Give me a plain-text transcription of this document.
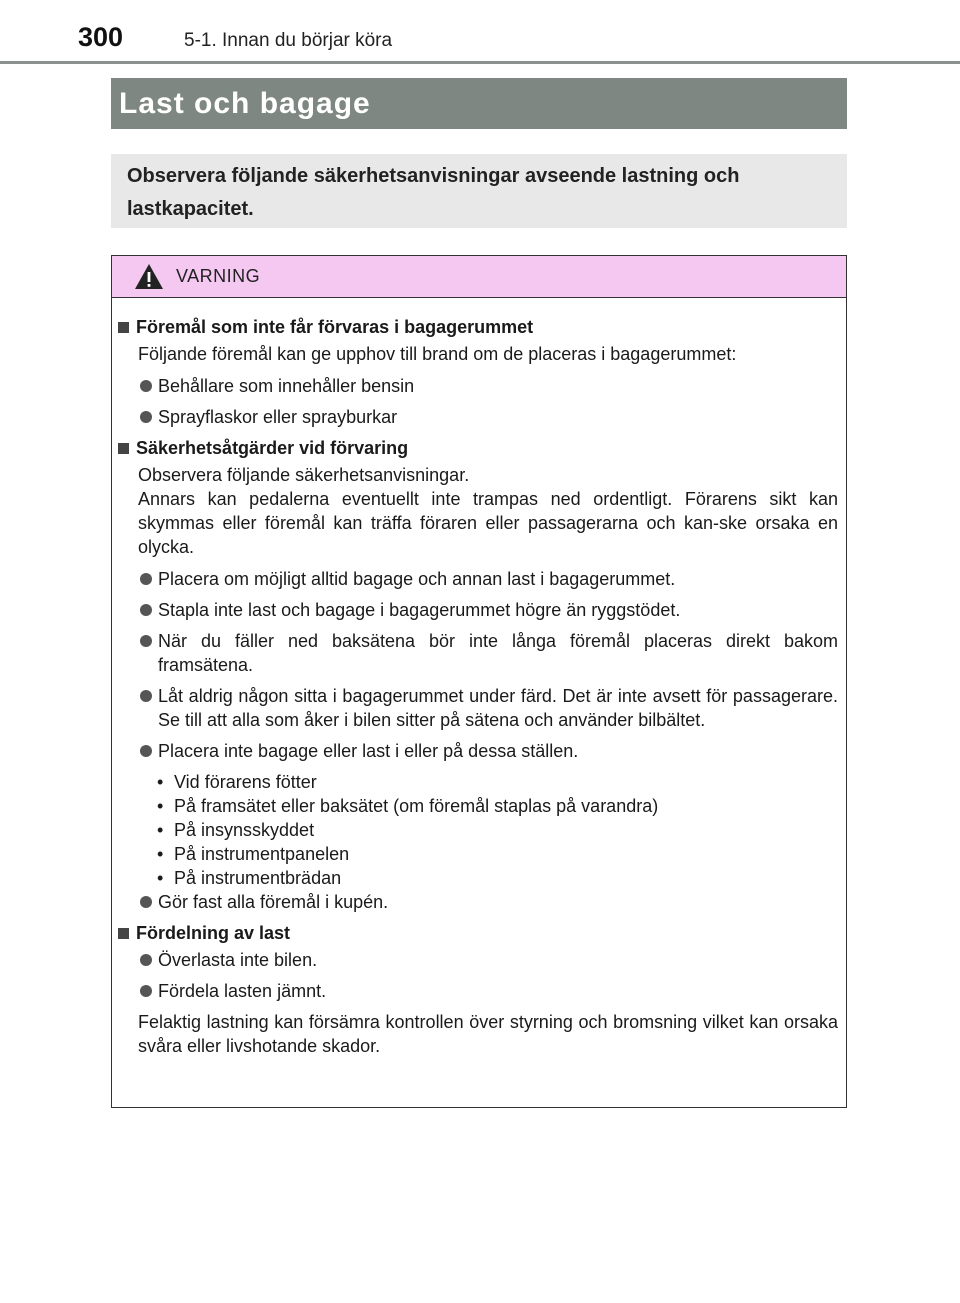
300	5-1. Innan du börjar köra
Last och bagage
Observera följande säkerhetsanvisningar avseende lastning och lastkapacitet.
VARNING
Föremål som inte får förvaras i bagagerummet
Följande föremål kan ge upphov till brand om de placeras i bagagerummet:
Behållare som innehåller bensin
Sprayflaskor eller sprayburkar
Säkerhetsåtgärder vid förvaring
Observera följande säkerhetsanvisningar.
Annars kan pedalerna eventuellt inte trampas ned ordentligt. Förarens sikt kan skymmas eller föremål kan träffa föraren eller passagerarna och kan-ske orsaka en olycka.
Placera om möjligt alltid bagage och annan last i bagagerummet.
Stapla inte last och bagage i bagagerummet högre än ryggstödet.
När du fäller ned baksätena bör inte långa föremål placeras direkt bakom framsätena.
Låt aldrig någon sitta i bagagerummet under färd. Det är inte avsett för passagerare. Se till att alla som åker i bilen sitter på sätena och använder bilbältet.
Placera inte bagage eller last i eller på dessa ställen.
• Vid förarens fötter
• På framsätet eller baksätet (om föremål staplas på varandra)
• På insynsskyddet
• På instrumentpanelen
• På instrumentbrädan
Gör fast alla föremål i kupén.
Fördelning av last
Överlasta inte bilen.
Fördela lasten jämnt.
Felaktig lastning kan försämra kontrollen över styrning och bromsning vilket kan orsaka svåra eller livshotande skador.
